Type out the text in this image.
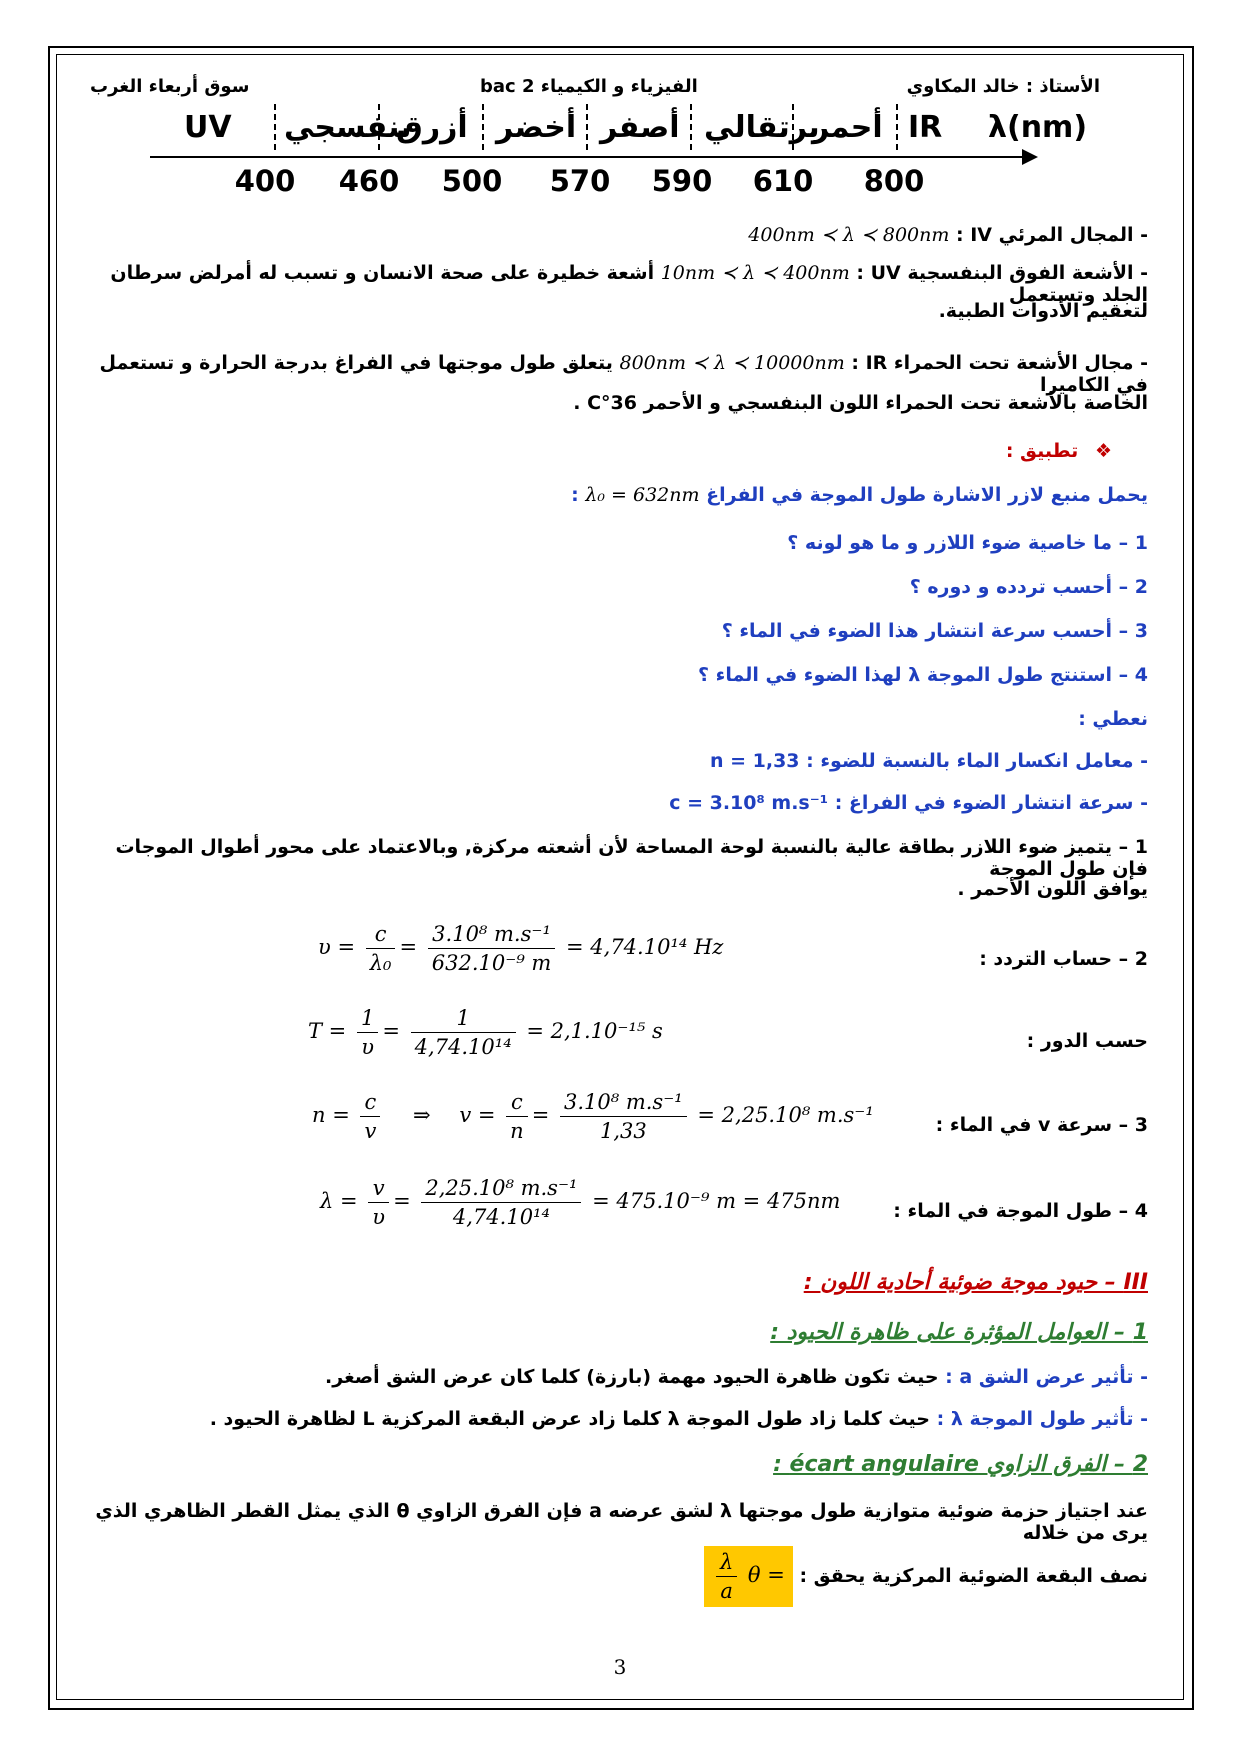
الأستاذ : خالد المكاوي
الفيزياء و الكيمياء 2 bac
سوق أربعاء الغرب
λ(nm)
IR
أحمر
برتقالي
أصفر
أخضر
أزرق
بنفسجي
UV
400	460	500	570	590	610	800
- المجال المرئي IV : 400nm ≺ λ ≺ 800nm
- الأشعة الفوق البنفسجية UV : 10nm ≺ λ ≺ 400nm أشعة خطيرة على صحة الانسان و تسبب له أمرلض سرطان الجلد وتستعمل
لتعقيم الأدوات الطبية.
- مجال الأشعة تحت الحمراء IR : 800nm ≺ λ ≺ 10000nm يتعلق طول موجتها في الفراغ بدرجة الحرارة و تستعمل في الكاميرا
الخاصة بالأشعة تحت الحمراء اللون البنفسجي و الأحمر 36°C .
❖ تطبيق :
يحمل منبع لازر الاشارة طول الموجة في الفراغ λ₀ = 632nm :
1 – ما خاصية ضوء اللازر و ما هو لونه ؟
2 – أحسب تردده و دوره ؟
3 – أحسب سرعة انتشار هذا الضوء في الماء ؟
4 – استنتج طول الموجة λ لهذا الضوء في الماء ؟
نعطي :
- معامل انكسار الماء بالنسبة للضوء : n = 1,33
- سرعة انتشار الضوء في الفراغ : c = 3.10⁸ m.s⁻¹
1 – يتميز ضوء اللازر بطاقة عالية بالنسبة لوحة المساحة لأن أشعته مركزة, وبالاعتماد على محور أطوال الموجات فإن طول الموجة
يوافق اللون الأحمر .
2 – حساب التردد :
$\upsilon = \frac{c}{\text{λ₀}} = \frac{\text{3.10⁸ m.s⁻¹}}{\text{632.10⁻⁹ m}} = 4,74.10^{14}$ Hz
حسب الدور :
$T = \frac{1}{\upsilon} = \frac{1}{\text{4,74.10¹⁴}} = 2,1.10^{-15}$ s
3 – سرعة v في الماء :
$n = \frac{c}{v}$ ⇒ $v = \frac{c}{n} = \frac{\text{3.10⁸ m.s⁻¹}}{1,33} = 2,25.10^8$ m.s⁻¹
4 – طول الموجة في الماء :
$\lambda = \frac{v}{\upsilon} = \frac{\text{2,25.10⁸ m.s⁻¹}}{\text{4,74.10¹⁴}} = 475.10^{-9}$ m = 475nm
III – حيود موجة ضوئية أحادية اللون :
1 – العوامل المؤثرة على ظاهرة الحيود :
- تأثير عرض الشق a : حيث تكون ظاهرة الحيود مهمة (بارزة) كلما كان عرض الشق أصغر.
- تأثير طول الموجة λ : حيث كلما زاد طول الموجة λ كلما زاد عرض البقعة المركزية L لظاهرة الحيود .
2 – الفرق الزاوي écart angulaire :
عند اجتياز حزمة ضوئية متوازية طول موجتها λ لشق عرضه a فإن الفرق الزاوي θ الذي يمثل القطر الظاهري الذي يرى من خلاله
نصف البقعة الضوئية المركزية يحقق : θ =
$\frac{\lambda}{a}$
3
